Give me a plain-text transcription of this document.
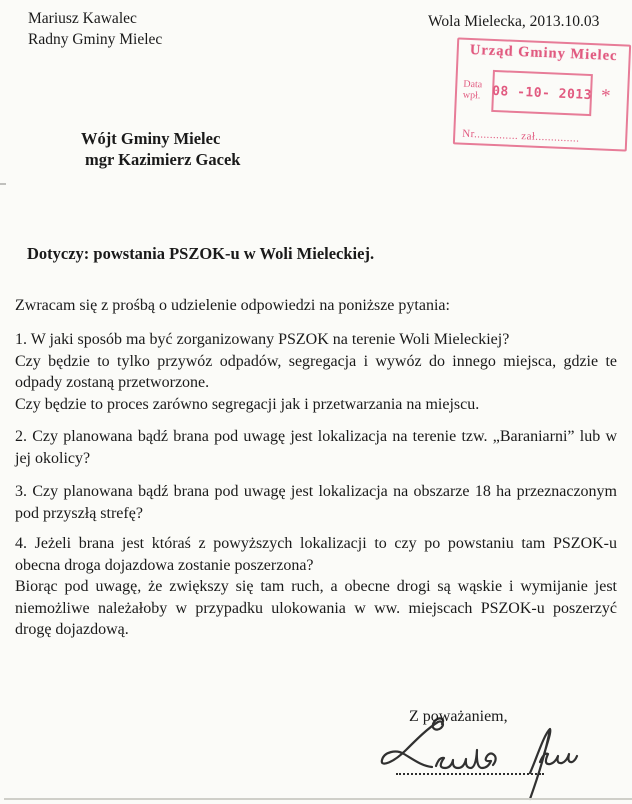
Mariusz Kawalec
Radny Gminy Mielec
Wola Mielecka, 2013.10.03
Urząd Gminy Mielec
Data
wpł. 08 -10- 2013 *
Nr.............. zał..............
Wójt Gminy Mielec
mgr Kazimierz Gacek
Dotyczy: powstania PSZOK-u w Woli Mieleckiej.
Zwracam się z prośbą o udzielenie odpowiedzi na poniższe pytania:

1. W jaki sposób ma być zorganizowany PSZOK na terenie Woli Mieleckiej?

Czy będzie to tylko przywóz odpadów, segregacja i wywóz do innego miejsca, gdzie te odpady zostaną przetworzone.

Czy będzie to proces zarówno segregacji jak i przetwarzania na miejscu.

2. Czy planowana bądź brana pod uwagę jest lokalizacja na terenie tzw. „Baraniarni” lub w jej okolicy?

3. Czy planowana bądź brana pod uwagę jest lokalizacja na obszarze 18 ha przeznaczonym pod przyszłą strefę?

4. Jeżeli brana jest któraś z powyższych lokalizacji to czy po powstaniu tam PSZOK-u obecna droga dojazdowa zostanie poszerzona?

Biorąc pod uwagę, że zwiększy się tam ruch, a obecne drogi są wąskie i wymijanie jest niemożliwe należałoby w przypadku ulokowania w ww. miejscach PSZOK-u poszerzyć drogę dojazdową.

Z poważaniem,
